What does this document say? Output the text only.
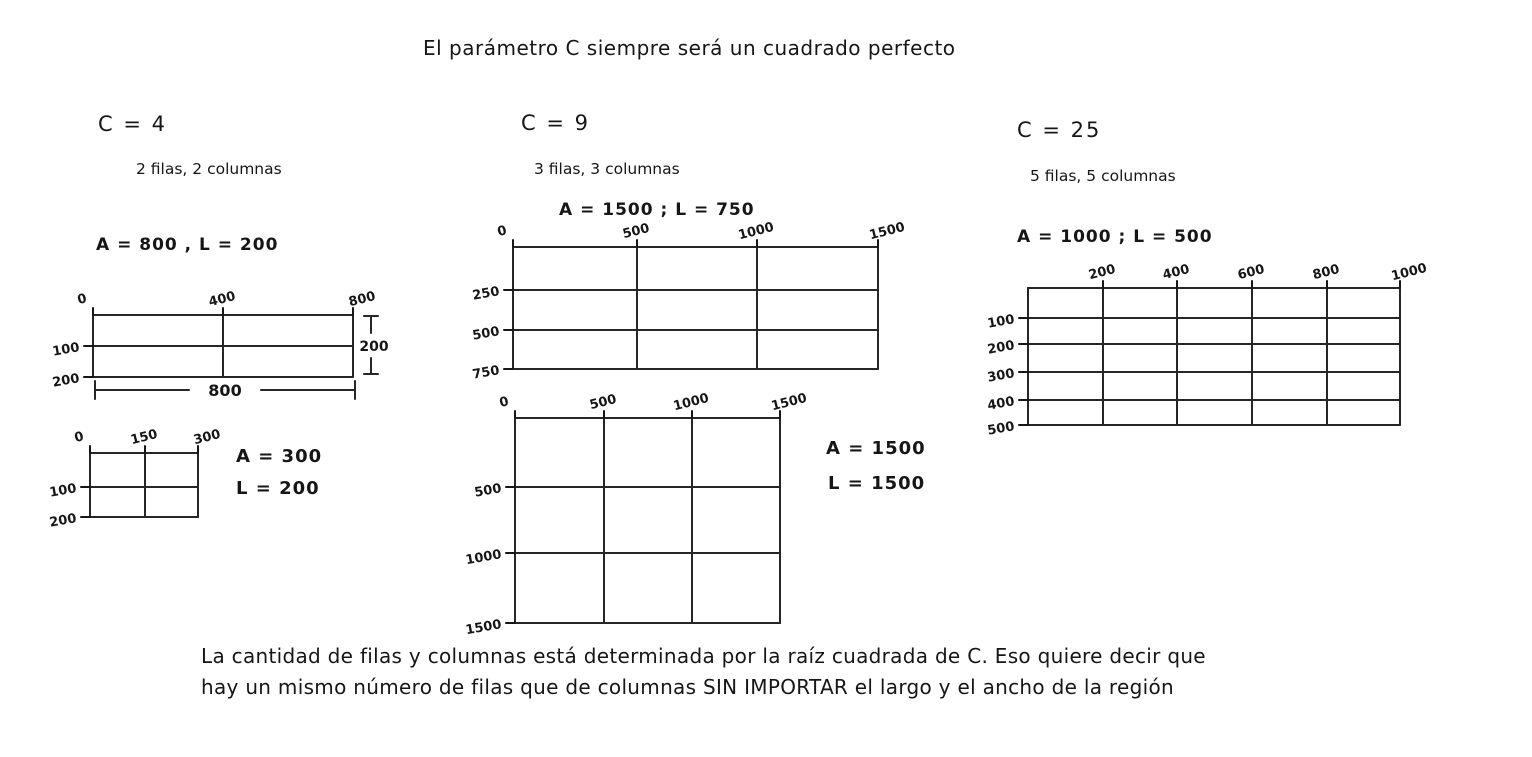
0	400	800
100
200
0	150	300
100
200
0	500	1000	1500
250
500
750
0	500	1000	1500
500
1000
1500
200	400	600	800	1000
100
200
300
400
500
800
200
El parámetro C siempre será un cuadrado perfecto
C = 4
2 filas, 2 columnas
A = 800 , L = 200
A = 300
L = 200
C = 9
3 filas, 3 columnas
A = 1500 ; L = 750
A = 1500
L = 1500
C = 25
5 filas, 5 columnas
A = 1000 ; L = 500
La cantidad de filas y columnas está determinada por la raíz cuadrada de C. Eso quiere decir que
hay un mismo número de filas que de columnas SIN IMPORTAR el largo y el ancho de la región
